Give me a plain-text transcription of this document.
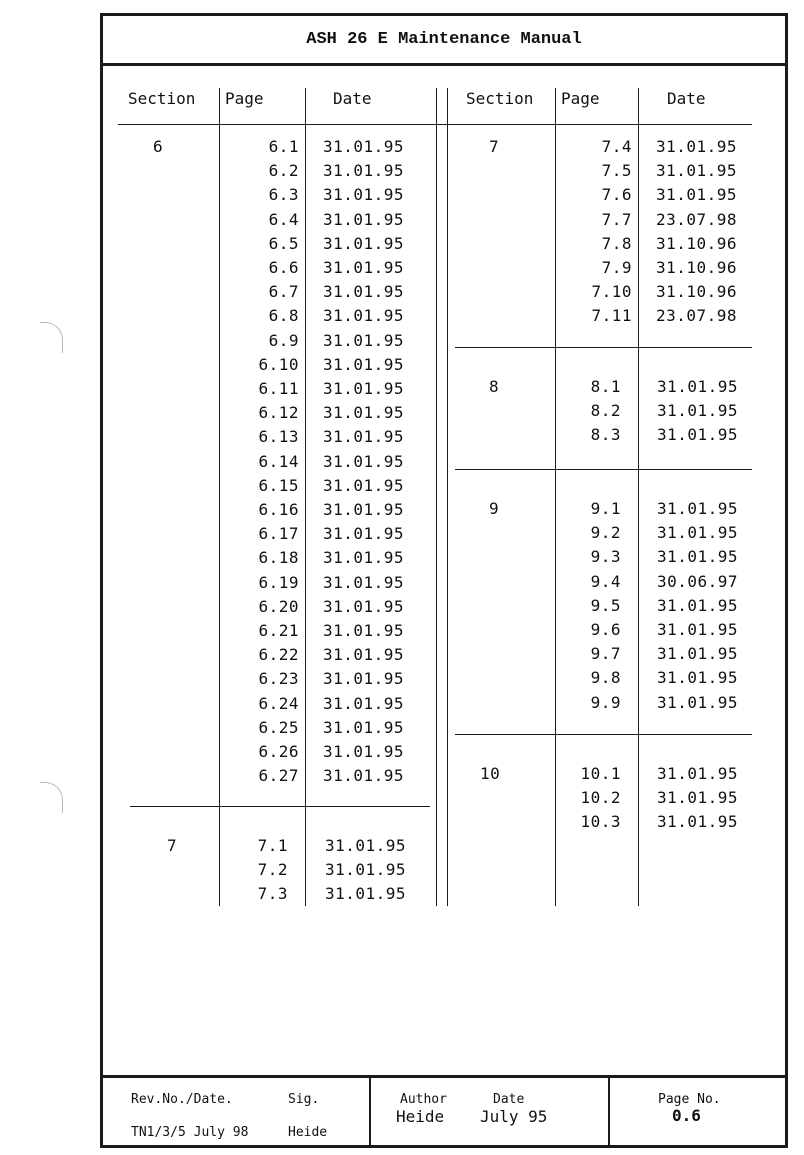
ASH 26 E Maintenance Manual
Section Page	Date	Section Page	Date
6	6.1 31.01.95
6.2 31.01.95
6.3 31.01.95
6.4 31.01.95
6.5 31.01.95
6.6 31.01.95
6.7 31.01.95
6.8 31.01.95
6.9 31.01.95
6.10 31.01.95
6.11 31.01.95
6.12 31.01.95
6.13 31.01.95
6.14 31.01.95
6.15 31.01.95
6.16 31.01.95
6.17 31.01.95
6.18 31.01.95
6.19 31.01.95
6.20 31.01.95
6.21 31.01.95
6.22 31.01.95
6.23 31.01.95
6.24 31.01.95
6.25 31.01.95
6.26 31.01.95
6.27 31.01.95
7	7.1 31.01.95
7.2 31.01.95
7.3 31.01.95
7	7.4 31.01.95
7.5 31.01.95
7.6 31.01.95
7.7 23.07.98
7.8 31.10.96
7.9 31.10.96
7.10 31.10.96
7.11 23.07.98
8	8.1 31.01.95
8.2 31.01.95
8.3 31.01.95
9	9.1 31.01.95
9.2 31.01.95
9.3 31.01.95
9.4 30.06.97
9.5 31.01.95
9.6 31.01.95
9.7 31.01.95
9.8 31.01.95
9.9 31.01.95
10	10.1 31.01.95
10.2 31.01.95
10.3 31.01.95
Rev.No./Date.	Sig.
TN1/3/5 July 98	Heide
Author	Date
Heide July 95
Page No.
0.6
